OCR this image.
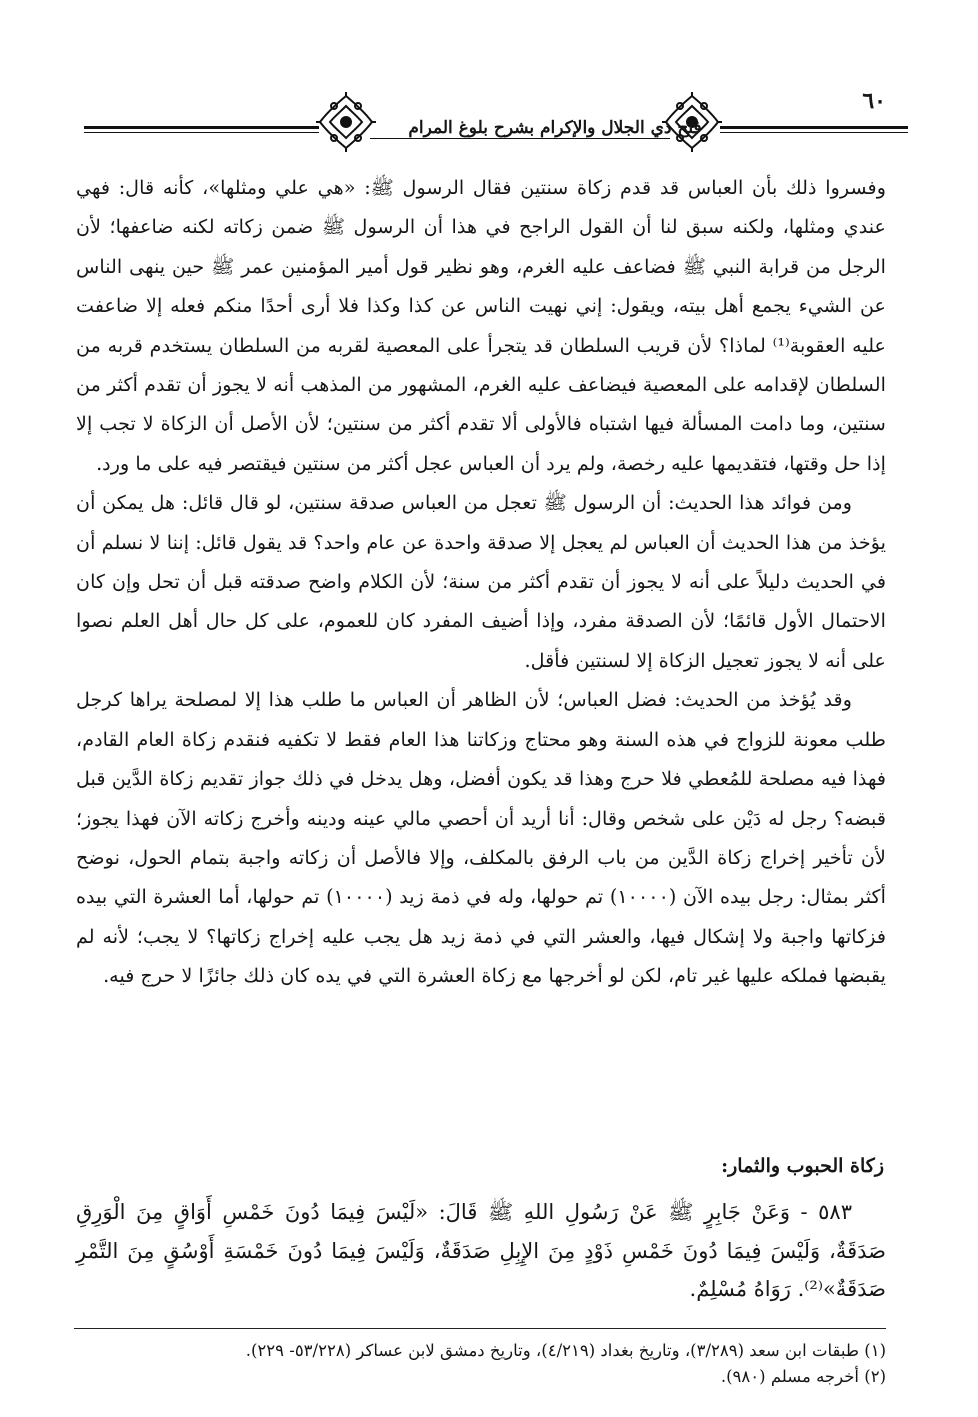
فتح ذي الجلال والإكرام بشرح بلوغ المرام
٦٠

وفسروا ذلك بأن العباس قد قدم زكاة سنتين فقال الرسول ﷺ: «هي علي ومثلها»، كأنه قال: فهي عندي ومثلها، ولكنه سبق لنا أن القول الراجح في هذا أن الرسول ﷺ ضمن زكاته لكنه ضاعفها؛ لأن الرجل من قرابة النبي ﷺ فضاعف عليه الغرم، وهو نظير قول أمير المؤمنين عمر ﷺ حين ينهى الناس عن الشيء يجمع أهل بيته، ويقول: إني نهيت الناس عن كذا وكذا فلا أرى أحدًا منكم فعله إلا ضاعفت عليه العقوبة⁽¹⁾ لماذا؟ لأن قريب السلطان قد يتجرأ على المعصية لقربه من السلطان يستخدم قربه من السلطان لإقدامه على المعصية فيضاعف عليه الغرم، المشهور من المذهب أنه لا يجوز أن تقدم أكثر من سنتين، وما دامت المسألة فيها اشتباه فالأولى ألا تقدم أكثر من سنتين؛ لأن الأصل أن الزكاة لا تجب إلا إذا حل وقتها، فتقديمها عليه رخصة، ولم يرد أن العباس عجل أكثر من سنتين فيقتصر فيه على ما ورد.

ومن فوائد هذا الحديث: أن الرسول ﷺ تعجل من العباس صدقة سنتين، لو قال قائل: هل يمكن أن يؤخذ من هذا الحديث أن العباس لم يعجل إلا صدقة واحدة عن عام واحد؟ قد يقول قائل: إننا لا نسلم أن في الحديث دليلاً على أنه لا يجوز أن تقدم أكثر من سنة؛ لأن الكلام واضح صدقته قبل أن تحل وإن كان الاحتمال الأول قائمًا؛ لأن الصدقة مفرد، وإذا أضيف المفرد كان للعموم، على كل حال أهل العلم نصوا على أنه لا يجوز تعجيل الزكاة إلا لسنتين فأقل.

وقد يُؤخذ من الحديث: فضل العباس؛ لأن الظاهر أن العباس ما طلب هذا إلا لمصلحة يراها كرجل طلب معونة للزواج في هذه السنة وهو محتاج وزكاتنا هذا العام فقط لا تكفيه فنقدم زكاة العام القادم، فهذا فيه مصلحة للمُعطي فلا حرج وهذا قد يكون أفضل، وهل يدخل في ذلك جواز تقديم زكاة الدَّين قبل قبضه؟ رجل له دَيْن على شخص وقال: أنا أريد أن أحصي مالي عينه ودينه وأخرج زكاته الآن فهذا يجوز؛ لأن تأخير إخراج زكاة الدَّين من باب الرفق بالمكلف، وإلا فالأصل أن زكاته واجبة بتمام الحول، نوضح أكثر بمثال: رجل بيده الآن (١٠٠٠٠) تم حولها، وله في ذمة زيد (١٠٠٠٠) تم حولها، أما العشرة التي بيده فزكاتها واجبة ولا إشكال فيها، والعشر التي في ذمة زيد هل يجب عليه إخراج زكاتها؟ لا يجب؛ لأنه لم يقبضها فملكه عليها غير تام، لكن لو أخرجها مع زكاة العشرة التي في يده كان ذلك جائزًا لا حرج فيه.

زكاة الحبوب والثمار:

٥٨٣ - وَعَنْ جَابِرٍ ﷺ عَنْ رَسُولِ اللهِ ﷺ قَالَ: «لَيْسَ فِيمَا دُونَ خَمْسِ أَوَاقٍ مِنَ الْوَرِقِ صَدَقَةٌ، وَلَيْسَ فِيمَا دُونَ خَمْسِ ذَوْدٍ مِنَ الإِبِلِ صَدَقَةٌ، وَلَيْسَ فِيمَا دُونَ خَمْسَةِ أَوْسُقٍ مِنَ التَّمْرِ صَدَقَةٌ»⁽²⁾. رَوَاهُ مُسْلِمٌ.

(١) طبقات ابن سعد (٣/٢٨٩)، وتاريخ بغداد (٤/٢١٩)، وتاريخ دمشق لابن عساكر (٥٣/٢٢٨- ٢٢٩).
(٢) أخرجه مسلم (٩٨٠).
